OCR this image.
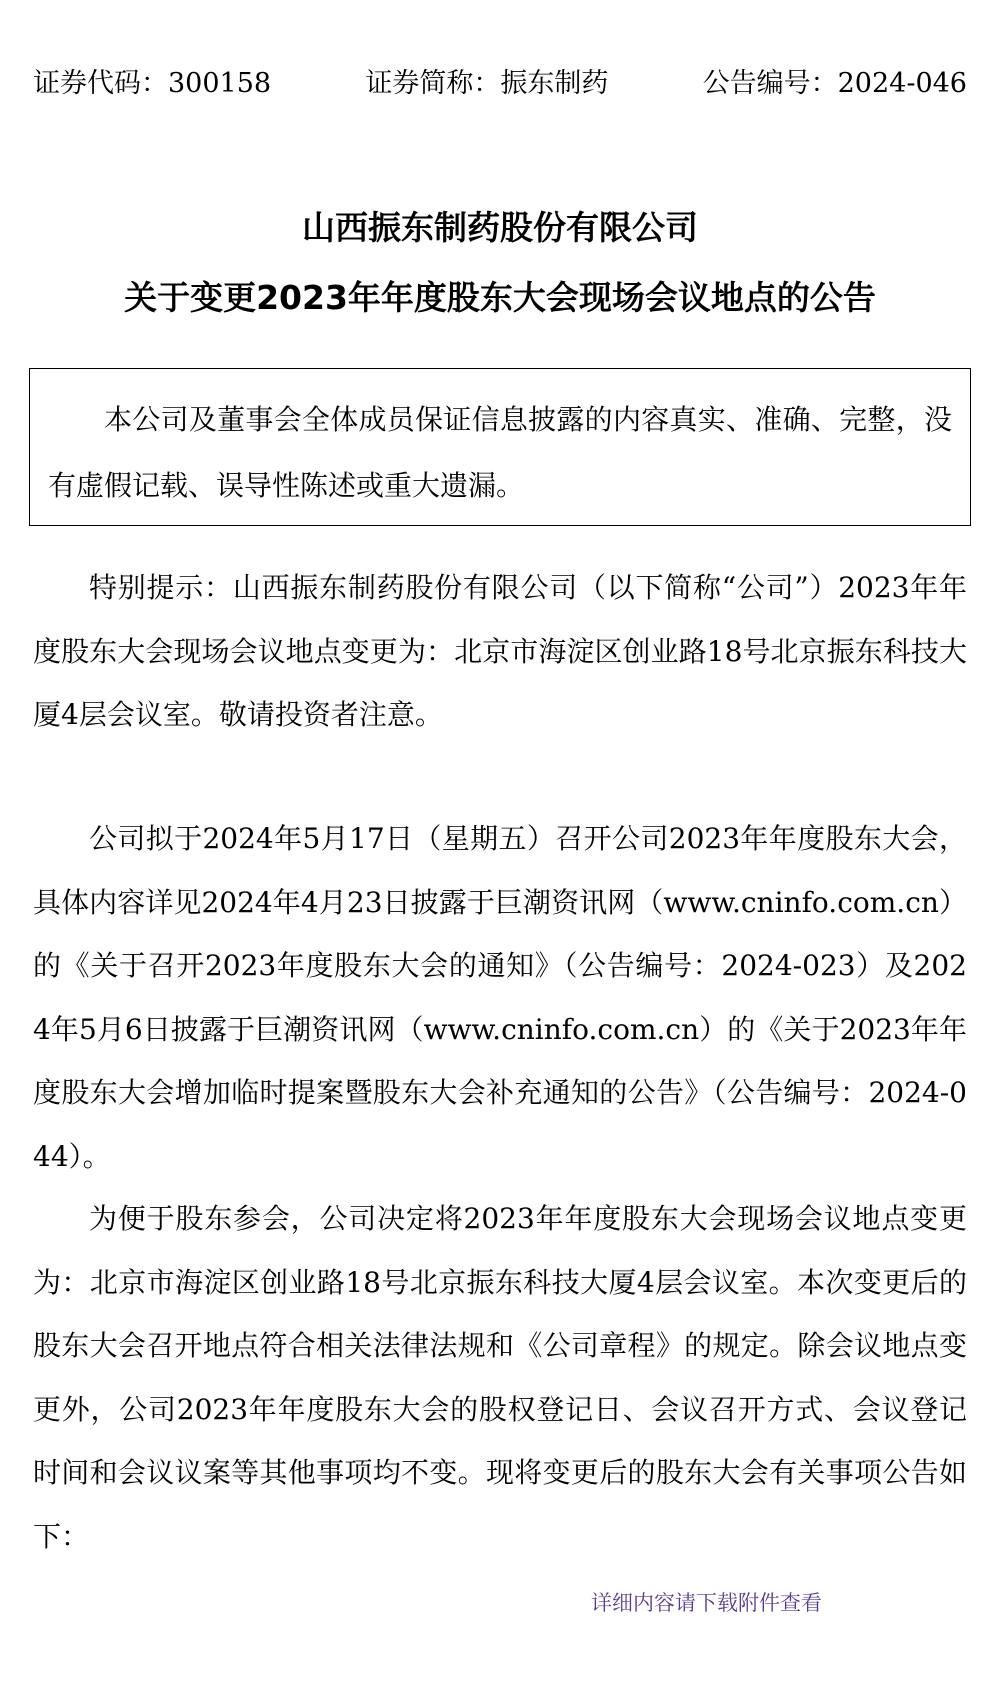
证券代码：300158	证券简称：振东制药	公告编号：2024-046
山西振东制药股份有限公司
关于变更2023年年度股东大会现场会议地点的公告
本公司及董事会全体成员保证信息披露的内容真实、准确、完整，没有虚假记载、误导性陈述或重大遗漏。
特别提示：山西振东制药股份有限公司（以下简称“公司”）2023年年度股东大会现场会议地点变更为：北京市海淀区创业路18号北京振东科技大厦4层会议室。敬请投资者注意。
公司拟于2024年5月17日（星期五）召开公司2023年年度股东大会，具体内容详见2024年4月23日披露于巨潮资讯网（www.cninfo.com.cn）的《关于召开2023年度股东大会的通知》（公告编号：2024-023）及2024年5月6日披露于巨潮资讯网（www.cninfo.com.cn）的《关于2023年年度股东大会增加临时提案暨股东大会补充通知的公告》（公告编号：2024-044）。
为便于股东参会，公司决定将2023年年度股东大会现场会议地点变更为：北京市海淀区创业路18号北京振东科技大厦4层会议室。本次变更后的股东大会召开地点符合相关法律法规和《公司章程》的规定。除会议地点变更外，公司2023年年度股东大会的股权登记日、会议召开方式、会议登记时间和会议议案等其他事项均不变。现将变更后的股东大会有关事项公告如下：
详细内容请下载附件查看
